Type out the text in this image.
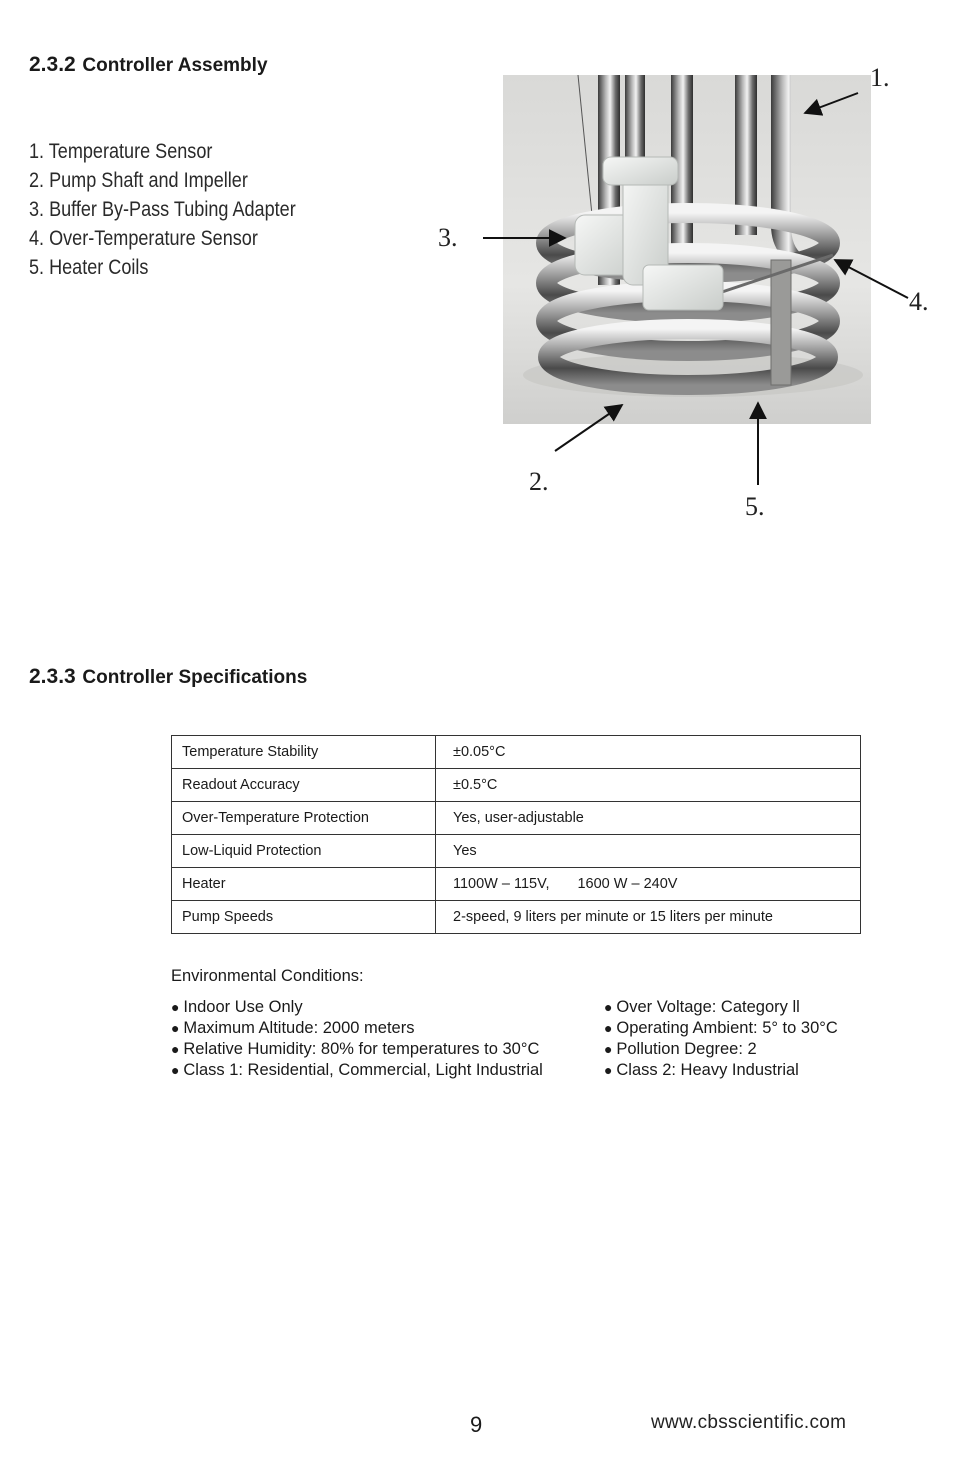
2.3.2 Controller Assembly
1. Temperature Sensor
2. Pump Shaft and Impeller
3. Buffer By-Pass Tubing Adapter
4. Over-Temperature Sensor
5. Heater Coils
1.
2.
3.
4.
5.
2.3.3 Controller Specifications
Temperature Stability	±0.05°C
Readout Accuracy	±0.5°C
Over-Temperature Protection	Yes, user-adjustable
Low-Liquid Protection	Yes
Heater	1100W – 115V, 1600 W – 240V
Pump Speeds	2-speed, 9 liters per minute or 15 liters per minute

Environmental Conditions:

● Indoor Use Only
● Maximum Altitude: 2000 meters
● Relative Humidity: 80% for temperatures to 30°C
● Class 1: Residential, Commercial, Light Industrial
● Over Voltage: Category ll
● Operating Ambient: 5° to 30°C
● Pollution Degree: 2
● Class 2: Heavy Industrial
9	www.cbsscientific.com
